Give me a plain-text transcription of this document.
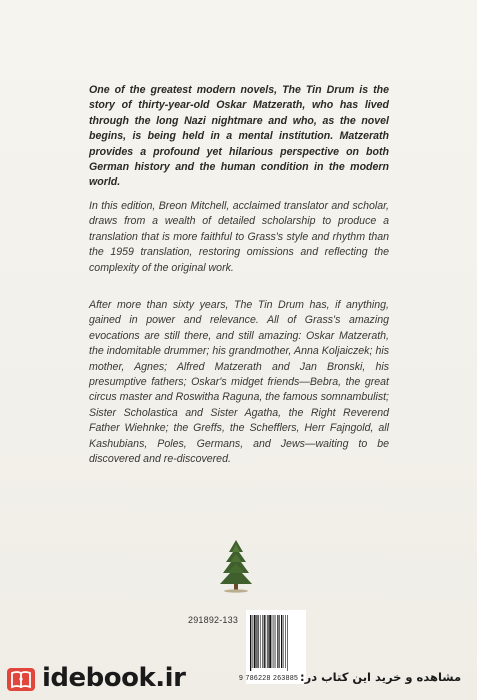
One of the greatest modern novels, The Tin Drum is the story of thirty-year-old Oskar Matzerath, who has lived through the long Nazi nightmare and who, as the novel begins, is being held in a mental institution. Matzerath provides a profound yet hilarious perspective on both German history and the human condition in the modern world.

In this edition, Breon Mitchell, acclaimed translator and scholar, draws from a wealth of detailed scholarship to produce a translation that is more faithful to Grass's style and rhythm than the 1959 translation, restoring omissions and reflecting the complexity of the original work.

After more than sixty years, The Tin Drum has, if anything, gained in power and relevance. All of Grass's amazing evocations are still there, and still amazing: Oskar Matzerath, the indomitable drummer; his grandmother, Anna Koljaiczek; his mother, Agnes; Alfred Matzerath and Jan Bronski, his presumptive fathers; Oskar's midget friends—Bebra, the great circus master and Roswitha Raguna, the famous somnambulist; Sister Scholastica and Sister Agatha, the Right Reverend Father Wiehnke; the Greffs, the Schefflers, Herr Fajngold, all Kashubians, Poles, Germans, and Jews—waiting to be discovered and re-discovered.

291892-133
9 786228 263885
idebook.ir	مشاهده و خرید این کتاب در:
